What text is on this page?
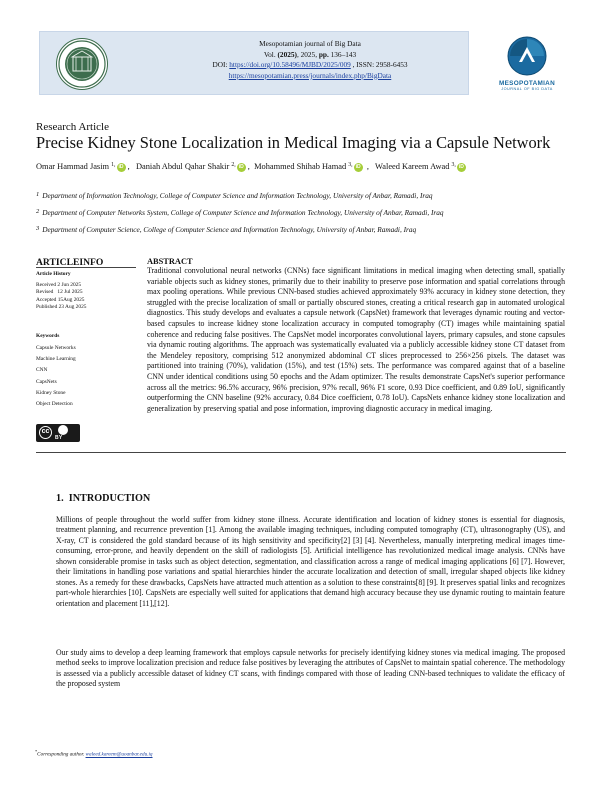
Mesopotamian journal of Big Data
Vol. (2025), 2025, pp. 136–143
DOI: https://doi.org/10.58496/MJBD/2025/009 , ISSN: 2958-6453
https://mesopotamian.press/journals/index.php/BigData
MESOPOTAMIAN
JOURNAL OF BIG DATA
Research Article
Precise Kidney Stone Localization in Medical Imaging via a Capsule Network
Omar Hammad Jasim $^{1,}$ iD ,   Daniah Abdul Qahar Shakir $^{2,}$ iD ,  Mohammed Shihab Hamad $^{3,}$ iD  ,   Waleed Kareem Awad $^{3,}$ iD
$^1$ Department of Information Technology, College of Computer Science and Information Technology, University of Anbar, Ramadi, Iraq
$^2$ Department of Computer Networks System, College of Computer Science and Information Technology, University of Anbar, Ramadi, Iraq
$^3$ Department of Computer Science, College of Computer Science and Information Technology, University of Anbar, Ramadi, Iraq
ARTICLEINFO
Article History
Received 2 Jun 2025
Revised   12 Jul 2025
Accepted 15Aug 2025
Published 23 Aug 2025
Keywords
Capsule Networks
Machine Learning
CNN
CapsNets
Kidney Stone
Object Detection
cc
BY
ABSTRACT
Traditional convolutional neural networks (CNNs) face significant limitations in medical imaging when detecting small, spatially variable objects such as kidney stones, primarily due to their inability to preserve pose information and spatial correlations through max pooling operations. While previous CNN-based studies achieved approximately 93% accuracy in kidney stone detection, they struggled with the precise localization of small or partially obscured stones, creating a critical research gap in automated urological diagnostics. This study develops and evaluates a capsule network (CapsNet) framework that leverages dynamic routing and vector-based capsules to increase kidney stone localization accuracy in computed tomography (CT) images while maintaining spatial coherence and reducing false positives. The CapsNet model incorporates convolutional layers, primary capsules, and stone capsules via dynamic routing algorithms. The approach was systematically evaluated via a publicly accessible kidney stone CT dataset from the Mendeley repository, comprising 512 anonymized abdominal CT slices preprocessed to 256×256 pixels. The dataset was partitioned into training (70%), validation (15%), and test (15%) sets. The performance was compared against that of a baseline CNN under identical conditions using 50 epochs and the Adam optimizer. The results demonstrate CapsNet's superior performance across all the metrics: 96.5% accuracy, 96% precision, 97% recall, 96% F1 score, 0.93 Dice coefficient, and 0.89 IoU, significantly outperforming the CNN baseline (92% accuracy, 0.84 Dice coefficient, 0.78 IoU). CapsNets enhance kidney stone localization and generalization by preserving spatial and pose information, improving diagnostic accuracy in medical imaging.
1.  INTRODUCTION
Millions of people throughout the world suffer from kidney stone illness. Accurate identification and location of kidney stones is essential for diagnosis, treatment planning, and recurrence prevention [1]. Among the available imaging techniques, including computed tomography (CT), ultrasonography (US), and X-ray, CT is considered the gold standard because of its high sensitivity and specificity[2] [3] [4]. Nevertheless, manually interpreting medical images time-consuming, error-prone, and heavily dependent on the skill of radiologists [5]. Artificial intelligence has revolutionized medical image analysis. CNNs have shown considerable promise in tasks such as object detection, segmentation, and classification across a range of medical imaging applications [6] [7]. However, their limitations in handling pose variations and spatial hierarchies hinder the accurate localization and detection of small, irregular shaped objects like kidney stones. As a remedy for these drawbacks, CapsNets have attracted much attention as a solution to these constraints[8] [9]. It preserves spatial links and recognizes part-whole hierarchies [10]. CapsNets are especially well suited for applications that demand high accuracy because they use dynamic routing to maintain feature orientation and placement [11],[12].
Our study aims to develop a deep learning framework that employs capsule networks for precisely identifying kidney stones via medical imaging. The proposed method seeks to improve localization precision and reduce false positives by leveraging the attributes of CapsNet to maintain spatial coherence. The methodology is assessed via a publicly accessible dataset of kidney CT scans, with findings compared with those of leading CNN-based techniques to validate the efficacy of the proposed system
*Corresponding author. waleed.kareem@uoanbar.edu.iq
